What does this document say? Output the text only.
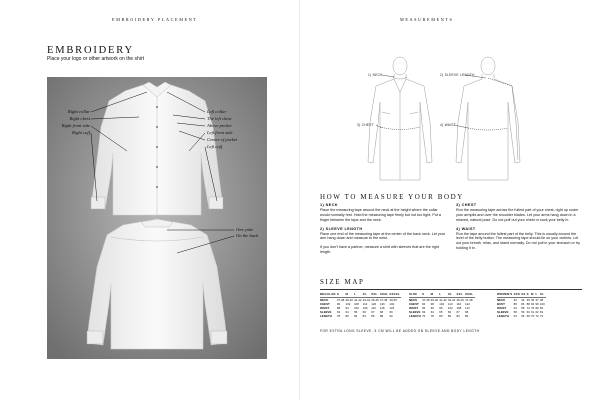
EMBROIDERY PLACEMENT
EMBROIDERY
Place your logo or other artwork on the shirt
Right collar
Right chest
Right front side
Right cuff
Left collar
The left chest
Above pocket
Left front side
Center of pocket
Left cuff
One yoke
On the back
MEASUREMENTS
1) NECK
3) CHEST
2) SLEEVE LENGTH
4) WAIST
HOW TO MEASURE YOUR BODY
1) NECK
Place the measuring tape around the neck at the height where the collar would normally rest. Hold the measuring tape firmly but not too tight. Put a finger between the tape and the neck.
2) SLEEVE LENGTH
Place one end of the measuring tape at the center of the back neck. Let your arm hang down and measure to the wrist.
If you don't have a partner, measure a shirt with sleeves that are the right length.
3) CHEST
Run the measuring tape across the fullest part of your chest, right up under your armpits and over the shoulder blades. Let your arms hang down in a relaxed, natural pose. Do not puff out your chest or suck your belly in.
4) WAIST
Run the tape around the fullest part of the belly. This is usually around the level of the belly button. The measuring tape should lie on your clothes. Let out your breath, relax, and stand normally. Do not pull in your stomach or try holding it in.
SIZE MAP
REGULAR	S	M	L	XL	XXL	XXXL	XXXXL
NECK	37-38	39-40	41-42	43-44	45-46	47-48	49-50
CHEST	96	102	108	114	120	126	132
WAIST	88	94	100	106	112	118	124
SLEEVE	63	64	65	66	67	68	69
LENGTH	78	80	82	84	86	88	90
SLIM	S	M	L	XL	XXL	XXXL
NECK	37-38	39-40	41-42	43-44	45-46	47-48
CHEST	92	98	104	110	116	122
WAIST	84	90	96	102	108	114
SLEEVE	63	64	65	66	67	68
LENGTH	76	78	80	82	84	86
WOMEN'S	XXS	XS	S	M	L	XL
NECK	33	34	35	36	37	38
BUST	80	84	88	92	96	100
WAIST	64	68	72	76	80	84
SLEEVE	58	59	60	61	62	63
LENGTH	64	66	68	70	72	74
FOR EXTRA LONG SLEEVE, 5 CM WILL BE ADDED ON SLEEVE AND BODY LENGTH.
